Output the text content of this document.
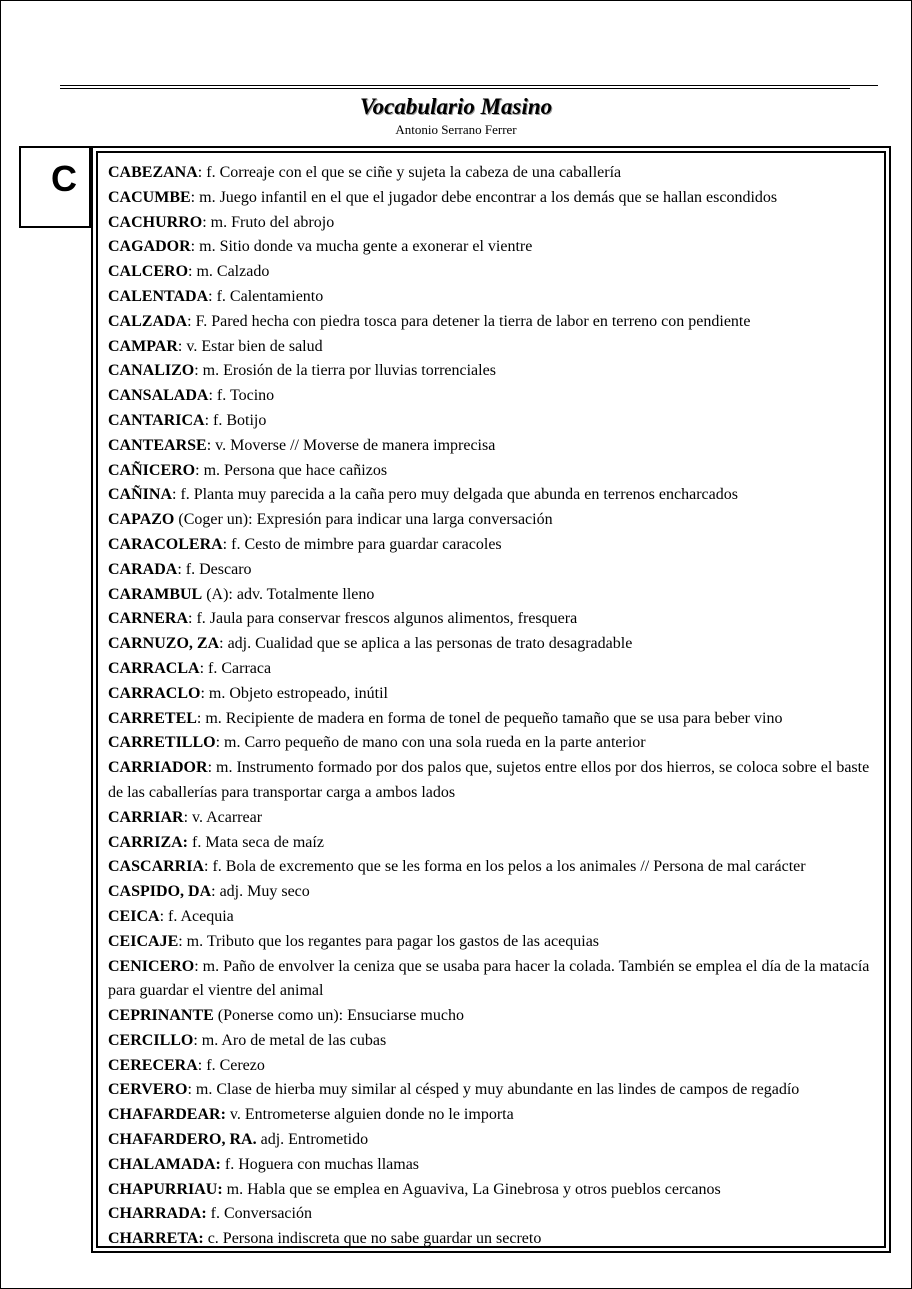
Vocabulario Masino
Antonio Serrano Ferrer
C	CABEZANA: f. Correaje con el que se ciñe y sujeta la cabeza de una caballería

CACUMBE: m. Juego infantil en el que el jugador debe encontrar a los demás que se hallan escondidos

CACHURRO: m. Fruto del abrojo

CAGADOR: m. Sitio donde va mucha gente a exonerar el vientre

CALCERO: m. Calzado

CALENTADA: f. Calentamiento

CALZADA: F. Pared hecha con piedra tosca para detener la tierra de labor en terreno con pendiente

CAMPAR: v. Estar bien de salud

CANALIZO: m. Erosión de la tierra por lluvias torrenciales

CANSALADA: f. Tocino

CANTARICA: f. Botijo

CANTEARSE: v. Moverse // Moverse de manera imprecisa

CAÑICERO: m. Persona que hace cañizos

CAÑINA: f. Planta muy parecida a la caña pero muy delgada que abunda en terrenos encharcados

CAPAZO (Coger un): Expresión para indicar una larga conversación

CARACOLERA: f. Cesto de mimbre para guardar caracoles

CARADA: f. Descaro

CARAMBUL (A): adv. Totalmente lleno

CARNERA: f. Jaula para conservar frescos algunos alimentos, fresquera

CARNUZO, ZA: adj. Cualidad que se aplica a las personas de trato desagradable

CARRACLA: f. Carraca

CARRACLO: m. Objeto estropeado, inútil

CARRETEL: m. Recipiente de madera en forma de tonel de pequeño tamaño que se usa para beber vino

CARRETILLO: m. Carro pequeño de mano con una sola rueda en la parte anterior

CARRIADOR: m. Instrumento formado por dos palos que, sujetos entre ellos por dos hierros, se coloca sobre el baste de las caballerías para transportar carga a ambos lados

CARRIAR: v. Acarrear

CARRIZA: f. Mata seca de maíz

CASCARRIA: f. Bola de excremento que se les forma en los pelos a los animales // Persona de mal carácter

CASPIDO, DA: adj. Muy seco

CEICA: f. Acequia

CEICAJE: m. Tributo que los regantes para pagar los gastos de las acequias

CENICERO: m. Paño de envolver la ceniza que se usaba para hacer la colada. También se emplea el día de la matacía para guardar el vientre del animal

CEPRINANTE (Ponerse como un): Ensuciarse mucho

CERCILLO: m. Aro de metal de las cubas

CERECERA: f. Cerezo

CERVERO: m. Clase de hierba muy similar al césped y muy abundante en las lindes de campos de regadío

CHAFARDEAR: v. Entrometerse alguien donde no le importa

CHAFARDERO, RA. adj. Entrometido

CHALAMADA: f. Hoguera con muchas llamas

CHAPURRIAU: m. Habla que se emplea en Aguaviva, La Ginebrosa y otros pueblos cercanos

CHARRADA: f. Conversación

CHARRETA: c. Persona indiscreta que no sabe guardar un secreto
